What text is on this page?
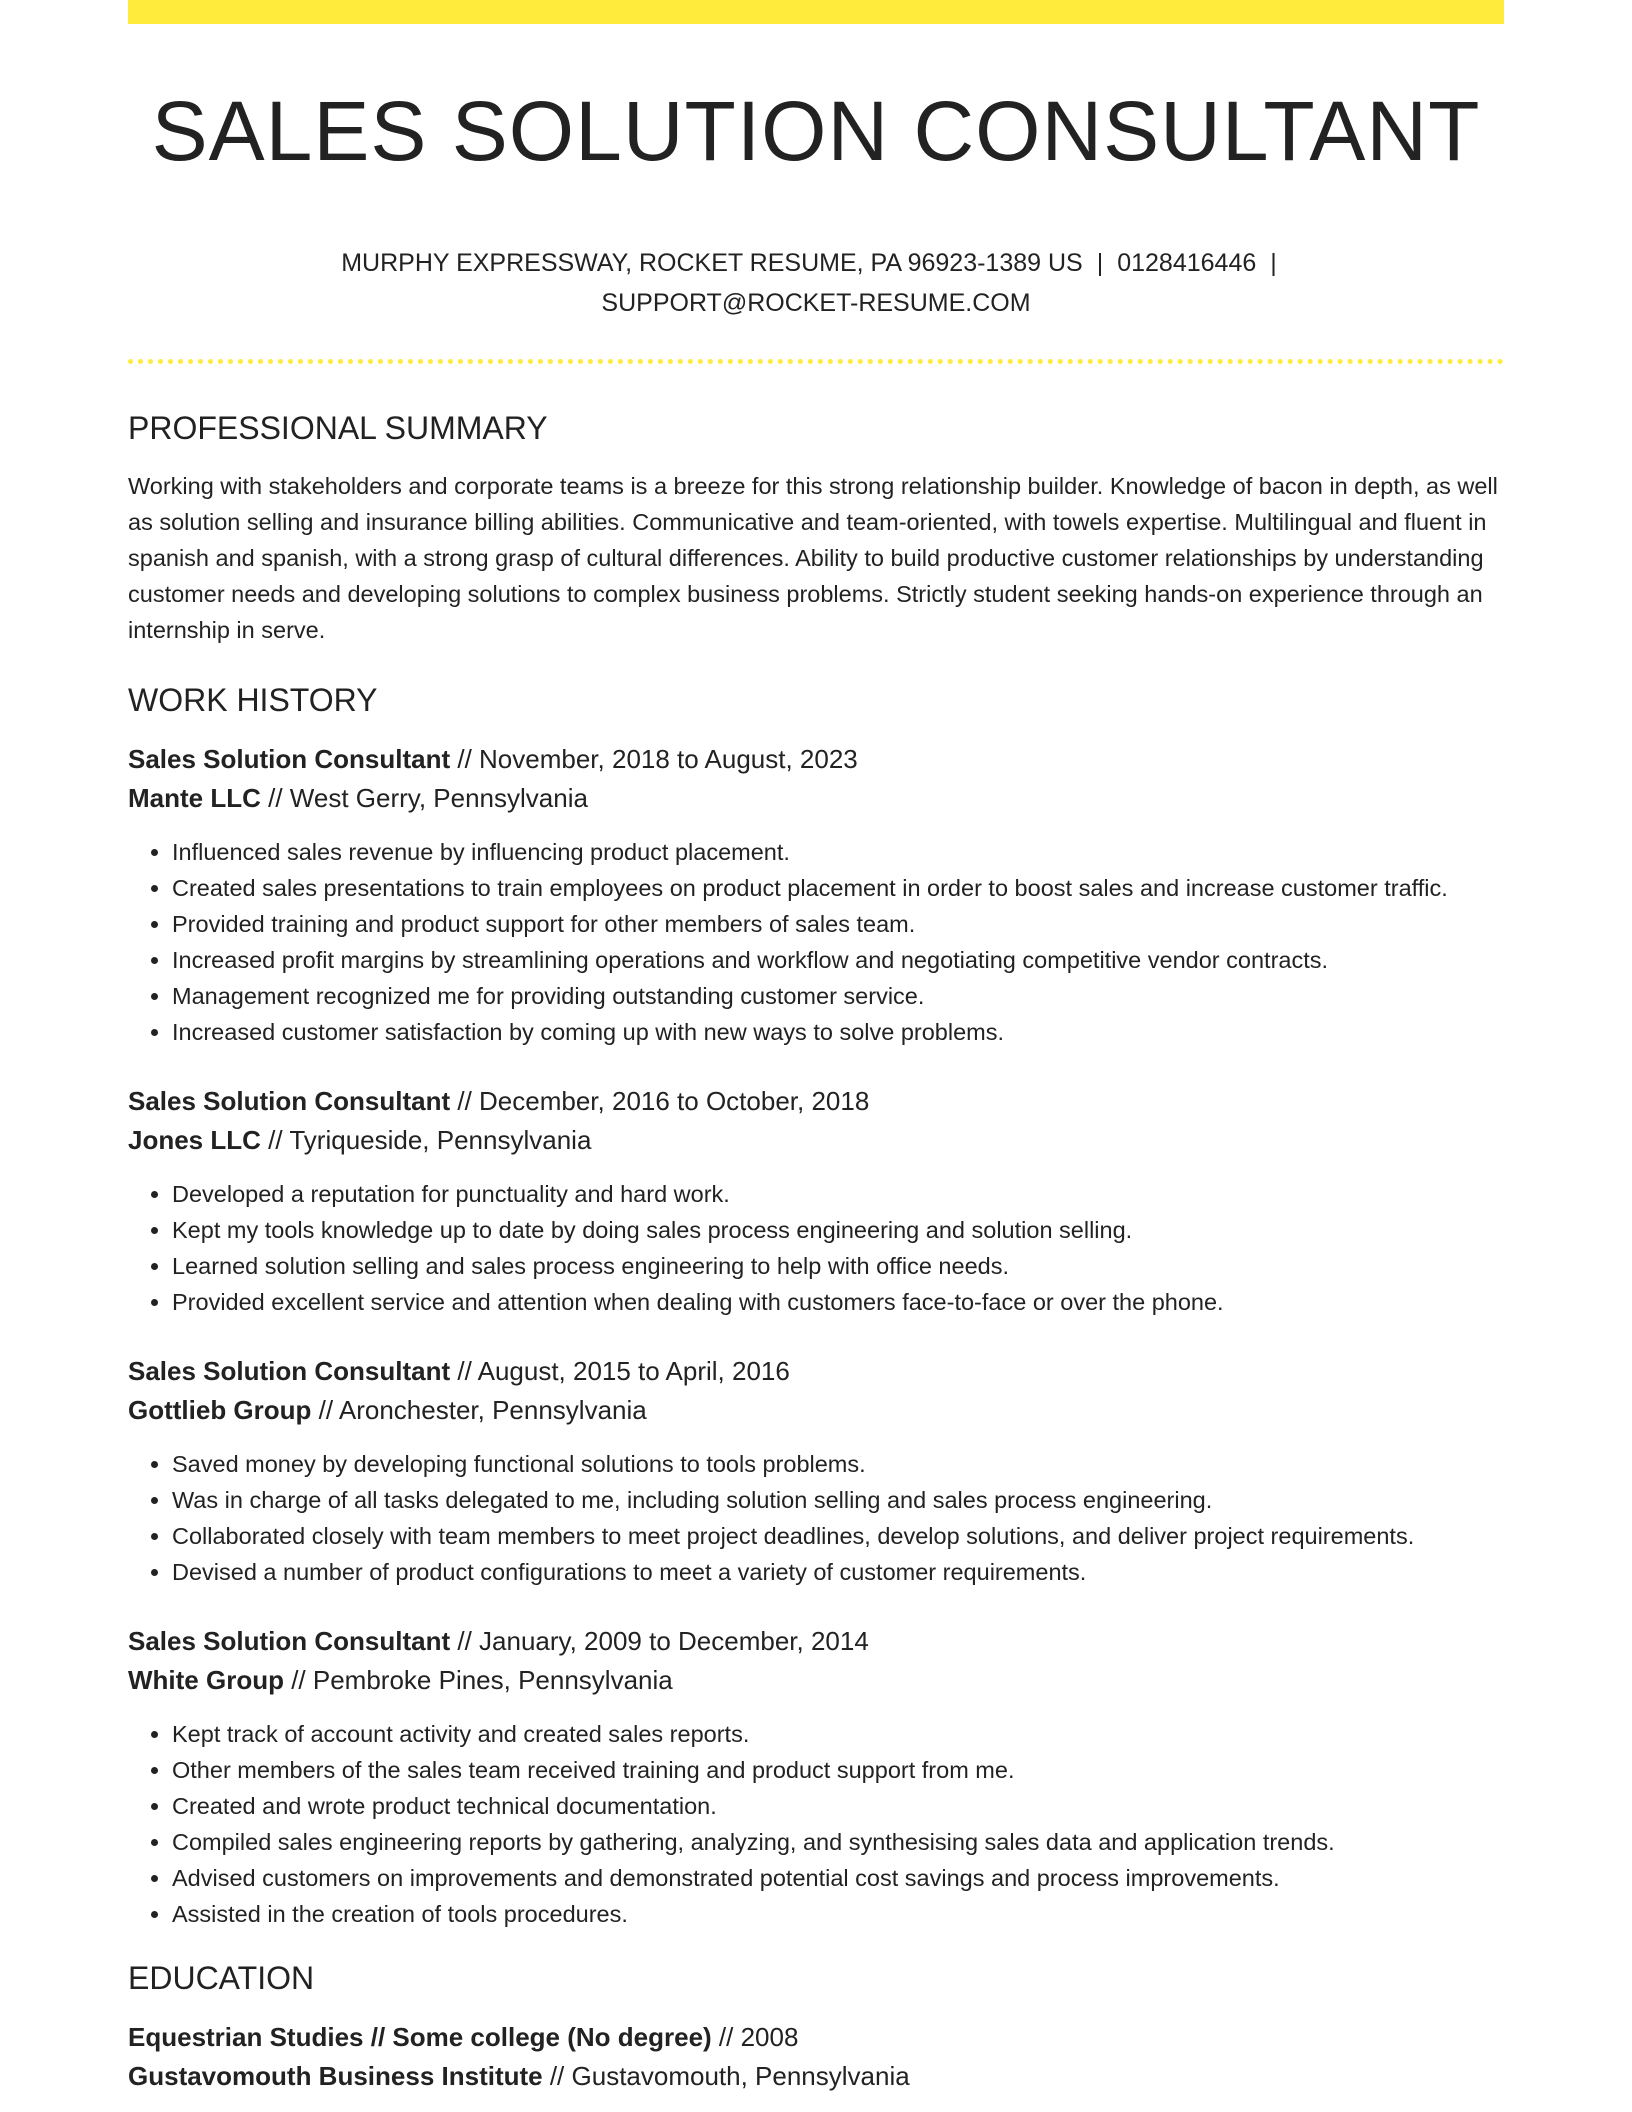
SALES SOLUTION CONSULTANT
MURPHY EXPRESSWAY, ROCKET RESUME, PA 96923-1389 US | 0128416446 |
SUPPORT@ROCKET-RESUME.COM
PROFESSIONAL SUMMARY
Working with stakeholders and corporate teams is a breeze for this strong relationship builder. Knowledge of bacon in depth, as well as solution selling and insurance billing abilities. Communicative and team-oriented, with towels expertise. Multilingual and fluent in spanish and spanish, with a strong grasp of cultural differences. Ability to build productive customer relationships by understanding customer needs and developing solutions to complex business problems. Strictly student seeking hands-on experience through an internship in serve.
WORK HISTORY
Sales Solution Consultant // November, 2018 to August, 2023
Mante LLC // West Gerry, Pennsylvania
• Influenced sales revenue by influencing product placement.
• Created sales presentations to train employees on product placement in order to boost sales and increase customer traffic.
• Provided training and product support for other members of sales team.
• Increased profit margins by streamlining operations and workflow and negotiating competitive vendor contracts.
• Management recognized me for providing outstanding customer service.
• Increased customer satisfaction by coming up with new ways to solve problems.
Sales Solution Consultant // December, 2016 to October, 2018
Jones LLC // Tyriqueside, Pennsylvania
• Developed a reputation for punctuality and hard work.
• Kept my tools knowledge up to date by doing sales process engineering and solution selling.
• Learned solution selling and sales process engineering to help with office needs.
• Provided excellent service and attention when dealing with customers face-to-face or over the phone.
Sales Solution Consultant // August, 2015 to April, 2016
Gottlieb Group // Aronchester, Pennsylvania
• Saved money by developing functional solutions to tools problems.
• Was in charge of all tasks delegated to me, including solution selling and sales process engineering.
• Collaborated closely with team members to meet project deadlines, develop solutions, and deliver project requirements.
• Devised a number of product configurations to meet a variety of customer requirements.
Sales Solution Consultant // January, 2009 to December, 2014
White Group // Pembroke Pines, Pennsylvania
• Kept track of account activity and created sales reports.
• Other members of the sales team received training and product support from me.
• Created and wrote product technical documentation.
• Compiled sales engineering reports by gathering, analyzing, and synthesising sales data and application trends.
• Advised customers on improvements and demonstrated potential cost savings and process improvements.
• Assisted in the creation of tools procedures.
EDUCATION
Equestrian Studies // Some college (No degree) // 2008
Gustavomouth Business Institute // Gustavomouth, Pennsylvania
